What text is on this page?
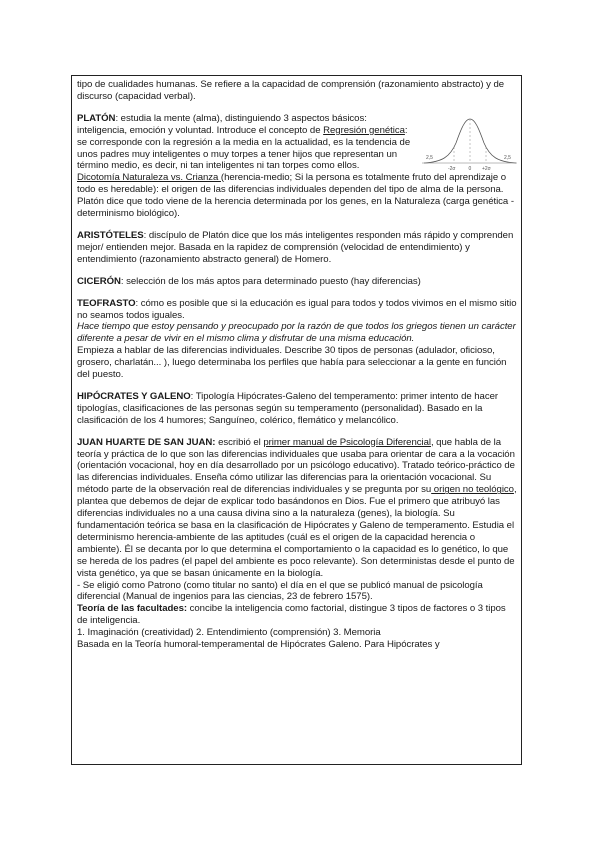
tipo de cualidades humanas. Se refiere a la capacidad de comprensión (razonamiento abstracto) y de discurso (capacidad verbal).
PLATÓN: estudia la mente (alma), distinguiendo 3 aspectos básicos: inteligencia, emoción y voluntad. Introduce el concepto de Regresión genética: se corresponde con la regresión a la media en la actualidad, es la tendencia de unos padres muy inteligentes o muy torpes a tener hijos que representan un término medio, es decir, ni tan inteligentes ni tan torpes como ellos.
Dicotomía Naturaleza vs. Crianza (herencia-medio; Si la persona es totalmente fruto del aprendizaje o todo es heredable): el origen de las diferencias individuales dependen del tipo de alma de la persona. Platón dice que todo viene de la herencia determinada por los genes, en la Naturaleza (carga genética -determinismo biológico).
2,5	2,5
-2σ	0 +2σ
ARISTÓTELES: discípulo de Platón dice que los más inteligentes responden más rápido y comprenden mejor/ entienden mejor. Basada en la rapidez de comprensión (velocidad de entendimiento) y entendimiento (razonamiento abstracto general) de Homero.
CICERÓN: selección de los más aptos para determinado puesto (hay diferencias)
TEOFRASTO: cómo es posible que si la educación es igual para todos y todos vivimos en el mismo sitio no seamos todos iguales.
Hace tiempo que estoy pensando y preocupado por la razón de que todos los griegos tienen un carácter diferente a pesar de vivir en el mismo clima y disfrutar de una misma educación.
Empieza a hablar de las diferencias individuales. Describe 30 tipos de personas (adulador, oficioso, grosero, charlatán... ), luego determinaba los perfiles que había para seleccionar a la gente en función del puesto.
HIPÓCRATES Y GALENO: Tipología Hipócrates-Galeno del temperamento: primer intento de hacer tipologías, clasificaciones de las personas según su temperamento (personalidad). Basado en la clasificación de los 4 humores; Sanguíneo, colérico, flemático y melancólico.
JUAN HUARTE DE SAN JUAN: escribió el primer manual de Psicología Diferencial, que habla de la teoría y práctica de lo que son las diferencias individuales que usaba para orientar de cara a la vocación (orientación vocacional, hoy en día desarrollado por un psicólogo educativo). Tratado teórico-práctico de las diferencias individuales. Enseña cómo utilizar las diferencias para la orientación vocacional. Su método parte de la observación real de diferencias individuales y se pregunta por su origen no teológico, plantea que debemos de dejar de explicar todo basándonos en Dios. Fue el primero que atribuyó las diferencias individuales no a una causa divina sino a la naturaleza (genes), la biología. Su fundamentación teórica se basa en la clasificación de Hipócrates y Galeno de temperamento. Estudia el determinismo herencia-ambiente de las aptitudes (cuál es el origen de la capacidad herencia o ambiente). Él se decanta por lo que determina el comportamiento o la capacidad es lo genético, lo que se hereda de los padres (el papel del ambiente es poco relevante). Son deterministas desde el punto de vista genético, ya que se basan únicamente en la biología.
- Se eligió como Patrono (como titular no santo) el día en el que se publicó manual de psicología diferencial (Manual de ingenios para las ciencias, 23 de febrero 1575).
Teoría de las facultades: concibe la inteligencia como factorial, distingue 3 tipos de factores o 3 tipos de inteligencia.
1. Imaginación (creatividad) 2. Entendimiento (comprensión) 3. Memoria
Basada en la Teoría humoral-temperamental de Hipócrates Galeno. Para Hipócrates y
